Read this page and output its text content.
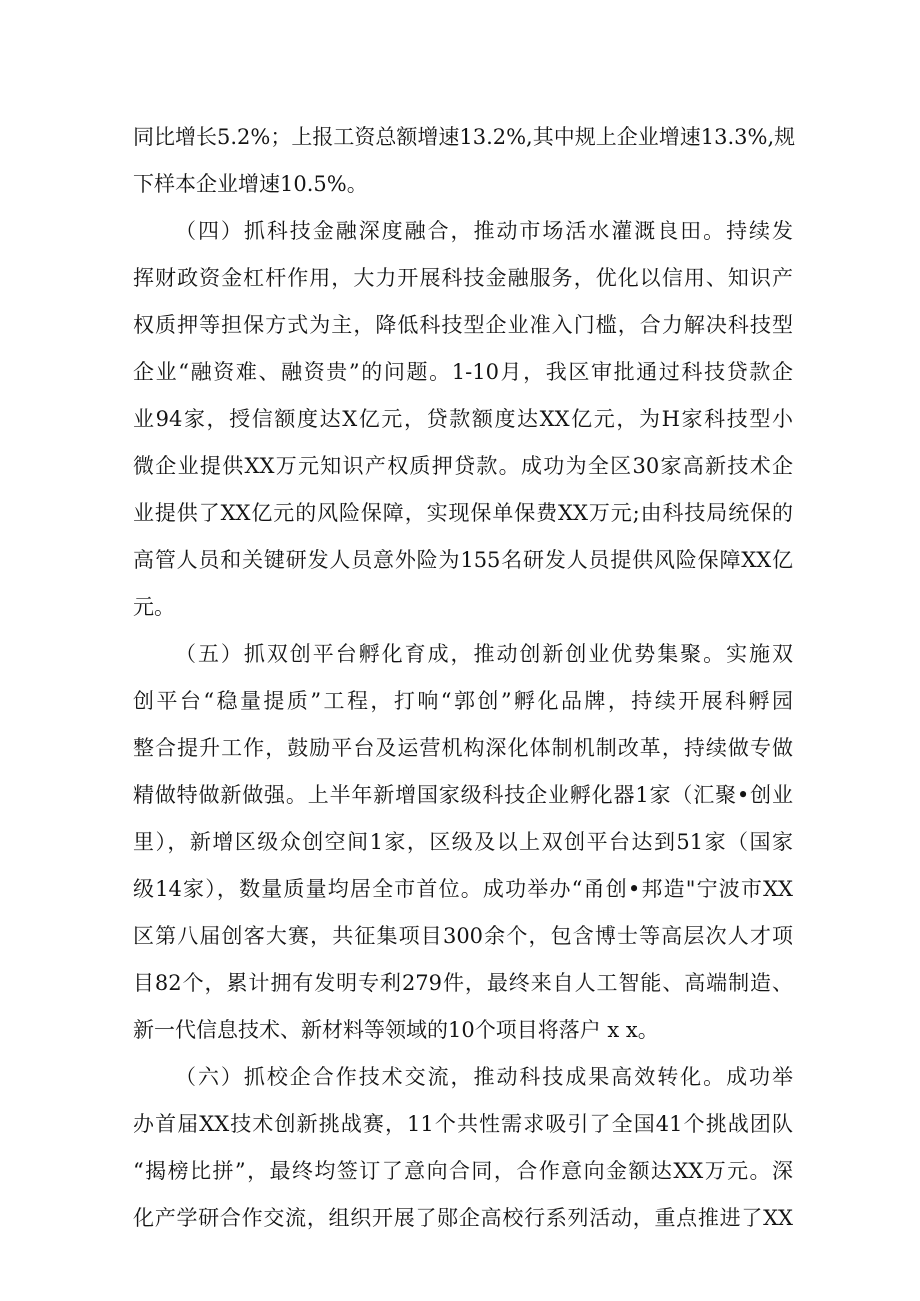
同比增长5.2%；上报工资总额增速13.2%,其中规上企业增速13.3%,规
下样本企业增速10.5%。
（四）抓科技金融深度融合，推动市场活水灌溉良田。持续发
挥财政资金杠杆作用，大力开展科技金融服务，优化以信用、知识产
权质押等担保方式为主，降低科技型企业准入门槛，合力解决科技型
企业“融资难、融资贵”的问题。1-10月，我区审批通过科技贷款企
业94家，授信额度达X亿元，贷款额度达XX亿元，为H家科技型小
微企业提供XX万元知识产权质押贷款。成功为全区30家高新技术企
业提供了XX亿元的风险保障，实现保单保费XX万元;由科技局统保的
高管人员和关键研发人员意外险为155名研发人员提供风险保障XX亿
元。
（五）抓双创平台孵化育成，推动创新创业优势集聚。实施双
创平台“稳量提质”工程，打响“郭创”孵化品牌，持续开展科孵园
整合提升工作，鼓励平台及运营机构深化体制机制改革，持续做专做
精做特做新做强。上半年新增国家级科技企业孵化器1家（汇聚•创业
里），新增区级众创空间1家，区级及以上双创平台达到51家（国家
级14家），数量质量均居全市首位。成功举办“甬创•邦造"宁波市XX
区第八届创客大赛，共征集项目300余个，包含博士等高层次人才项
目82个，累计拥有发明专利279件，最终来自人工智能、高端制造、
新一代信息技术、新材料等领域的10个项目将落户 x x。
（六）抓校企合作技术交流，推动科技成果高效转化。成功举
办首届XX技术创新挑战赛，11个共性需求吸引了全国41个挑战团队
“揭榜比拼”，最终均签订了意向合同，合作意向金额达XX万元。深
化产学研合作交流，组织开展了郧企高校行系列活动，重点推进了XX
